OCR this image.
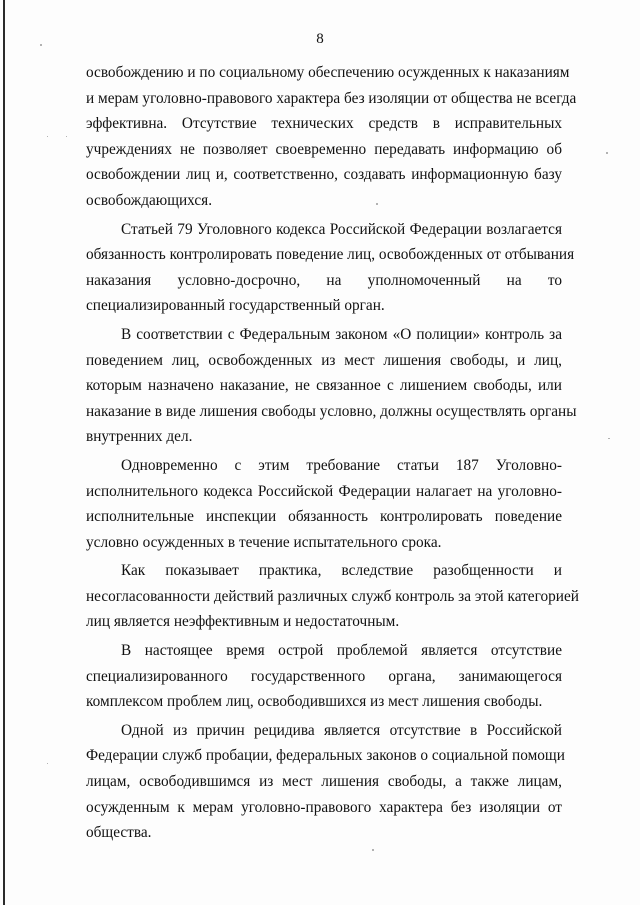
8
освобождению и по социальному обеспечению осужденных к наказаниям
и мерам уголовно-правового характера без изоляции от общества не всегда
эффективна. Отсутствие технических средств в исправительных
учреждениях не позволяет своевременно передавать информацию об
освобождении лиц и, соответственно, создавать информационную базу
освобождающихся.
Статьей 79 Уголовного кодекса Российской Федерации возлагается
обязанность контролировать поведение лиц, освобожденных от отбывания
наказания условно-досрочно, на уполномоченный на то
специализированный государственный орган.
В соответствии с Федеральным законом «О полиции» контроль за
поведением лиц, освобожденных из мест лишения свободы, и лиц,
которым назначено наказание, не связанное с лишением свободы, или
наказание в виде лишения свободы условно, должны осуществлять органы
внутренних дел.
Одновременно с этим требование статьи 187 Уголовно-
исполнительного кодекса Российской Федерации налагает на уголовно-
исполнительные инспекции обязанность контролировать поведение
условно осужденных в течение испытательного срока.
Как показывает практика, вследствие разобщенности и
несогласованности действий различных служб контроль за этой категорией
лиц является неэффективным и недостаточным.
В настоящее время острой проблемой является отсутствие
специализированного государственного органа, занимающегося
комплексом проблем лиц, освободившихся из мест лишения свободы.
Одной из причин рецидива является отсутствие в Российской
Федерации служб пробации, федеральных законов о социальной помощи
лицам, освободившимся из мест лишения свободы, а также лицам,
осужденным к мерам уголовно-правового характера без изоляции от
общества.
